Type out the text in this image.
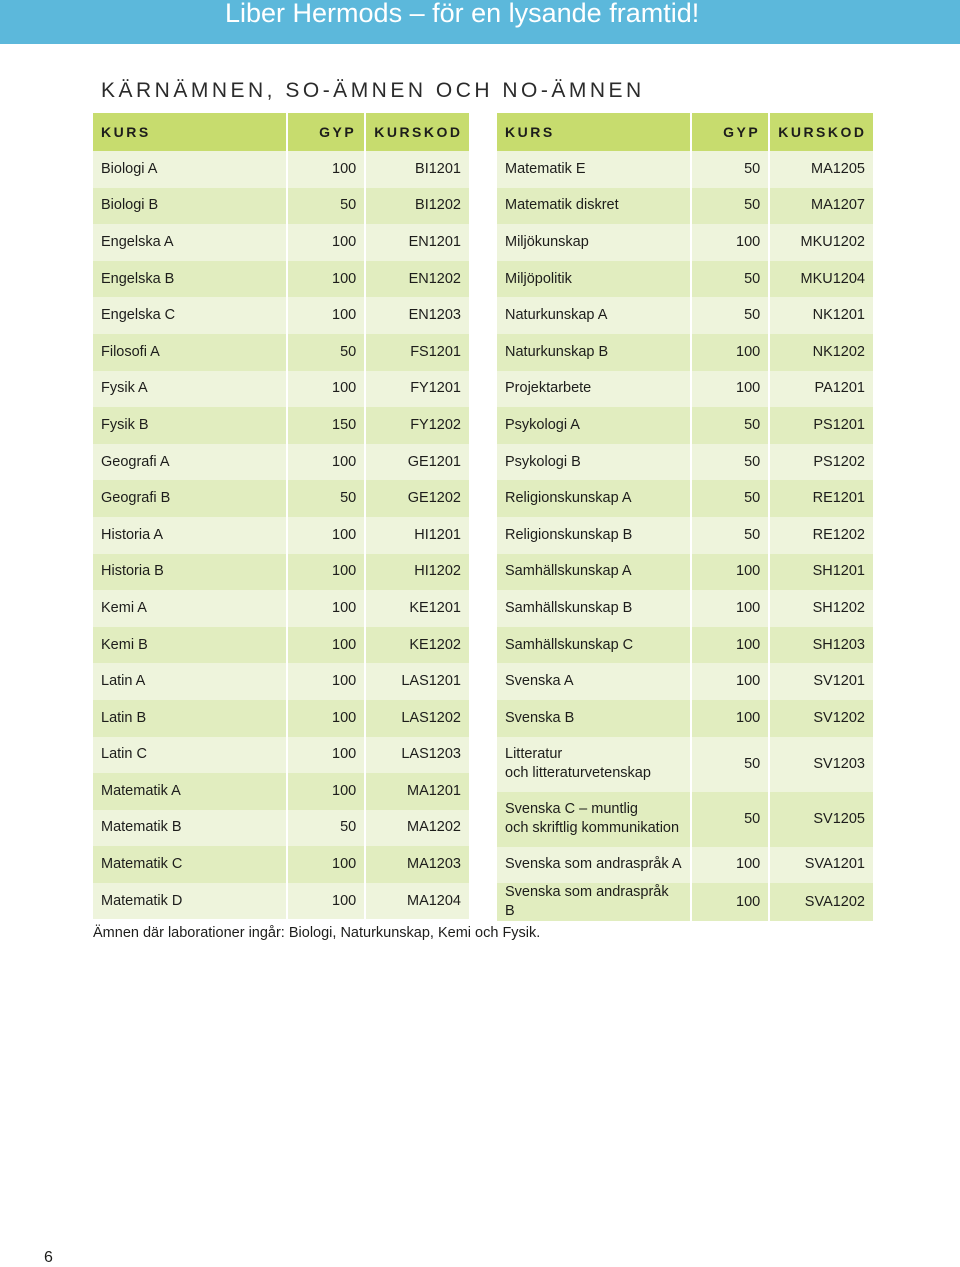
Liber Hermods – för en lysande framtid!
KÄRNÄMNEN, SO-ÄMNEN OCH NO-ÄMNEN
KURS	GYP	KURSKOD
Biologi A	100	BI1201
Biologi B	50	BI1202
Engelska A	100	EN1201
Engelska B	100	EN1202
Engelska C	100	EN1203
Filosofi A	50	FS1201
Fysik A	100	FY1201
Fysik B	150	FY1202
Geografi A	100	GE1201
Geografi B	50	GE1202
Historia A	100	HI1201
Historia B	100	HI1202
Kemi A	100	KE1201
Kemi B	100	KE1202
Latin A	100	LAS1201
Latin B	100	LAS1202
Latin C	100	LAS1203
Matematik A	100	MA1201
Matematik B	50	MA1202
Matematik C	100	MA1203
Matematik D	100	MA1204
KURS	GYP	KURSKOD
Matematik E	50	MA1205
Matematik diskret	50	MA1207
Miljökunskap	100	MKU1202
Miljöpolitik	50	MKU1204
Naturkunskap A	50	NK1201
Naturkunskap B	100	NK1202
Projektarbete	100	PA1201
Psykologi A	50	PS1201
Psykologi B	50	PS1202
Religionskunskap A	50	RE1201
Religionskunskap B	50	RE1202
Samhällskunskap A	100	SH1201
Samhällskunskap B	100	SH1202
Samhällskunskap C	100	SH1203
Svenska A	100	SV1201
Svenska B	100	SV1202

Litteratur
och litteraturvetenskap	50	SV1203

Svenska C – muntlig
och skriftlig kommunikation	50	SV1205
Svenska som andraspråk A	100	SVA1201
Svenska som andraspråk B	100	SVA1202
Ämnen där laborationer ingår: Biologi, Naturkunskap, Kemi och Fysik.
6
